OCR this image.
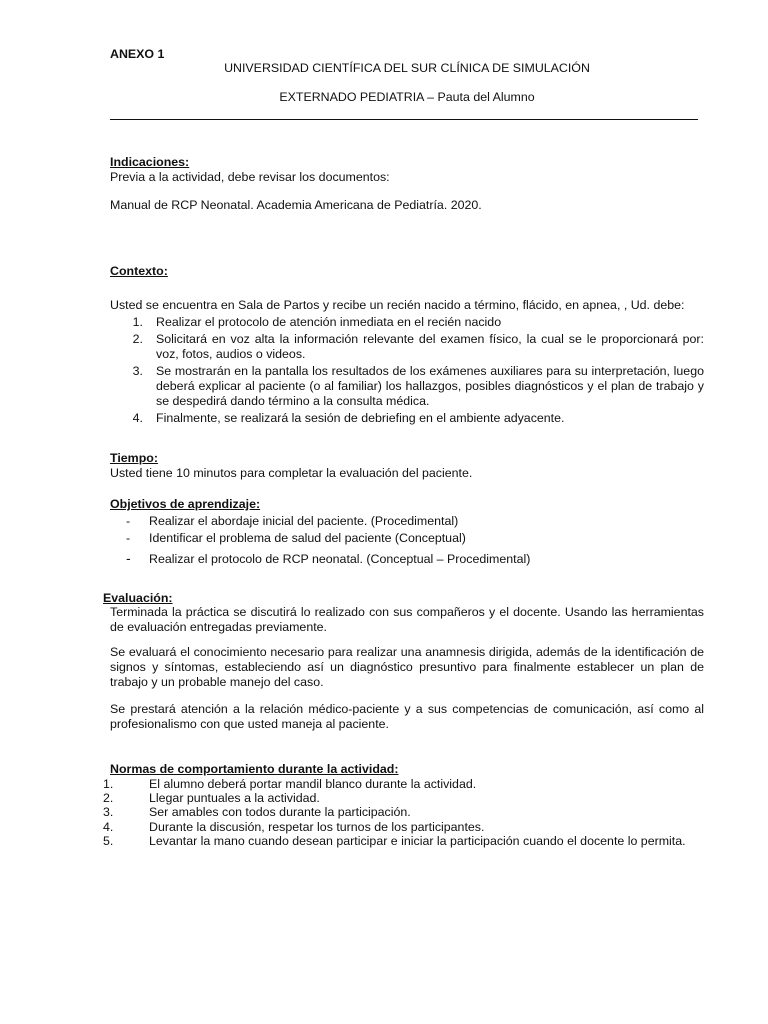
ANEXO 1
UNIVERSIDAD CIENTÍFICA DEL SUR CLÍNICA DE SIMULACIÓN
EXTERNADO PEDIATRIA – Pauta del Alumno
Indicaciones:
Previa a la actividad, debe revisar los documentos:
Manual de RCP Neonatal. Academia Americana de Pediatría. 2020.
Contexto:
Usted se encuentra en Sala de Partos y recibe un recién nacido a término, flácido, en apnea, , Ud. debe:
1. Realizar el protocolo de atención inmediata en el recién nacido
2. Solicitará en voz alta la información relevante del examen físico, la cual se le proporcionará por: voz, fotos, audios o videos.
3. Se mostrarán en la pantalla los resultados de los exámenes auxiliares para su interpretación, luego deberá explicar al paciente (o al familiar) los hallazgos, posibles diagnósticos y el plan de trabajo y se despedirá dando término a la consulta médica.
4. Finalmente, se realizará la sesión de debriefing en el ambiente adyacente.
Tiempo:
Usted tiene 10 minutos para completar la evaluación del paciente.
Objetivos de aprendizaje:
- Realizar el abordaje inicial del paciente. (Procedimental)
- Identificar el problema de salud del paciente (Conceptual)
- Realizar el protocolo de RCP neonatal. (Conceptual – Procedimental)
Evaluación:
Terminada la práctica se discutirá lo realizado con sus compañeros y el docente. Usando las herramientas de evaluación entregadas previamente.
Se evaluará el conocimiento necesario para realizar una anamnesis dirigida, además de la identificación de signos y síntomas, estableciendo así un diagnóstico presuntivo para finalmente establecer un plan de trabajo y un probable manejo del caso.
Se prestará atención a la relación médico-paciente y a sus competencias de comunicación, así como al profesionalismo con que usted maneja al paciente.
Normas de comportamiento durante la actividad:
1.	El alumno deberá portar mandil blanco durante la actividad.
2.	Llegar puntuales a la actividad.
3.	Ser amables con todos durante la participación.
4.	Durante la discusión, respetar los turnos de los participantes.
5.	Levantar la mano cuando desean participar e iniciar la participación cuando el docente lo permita.
